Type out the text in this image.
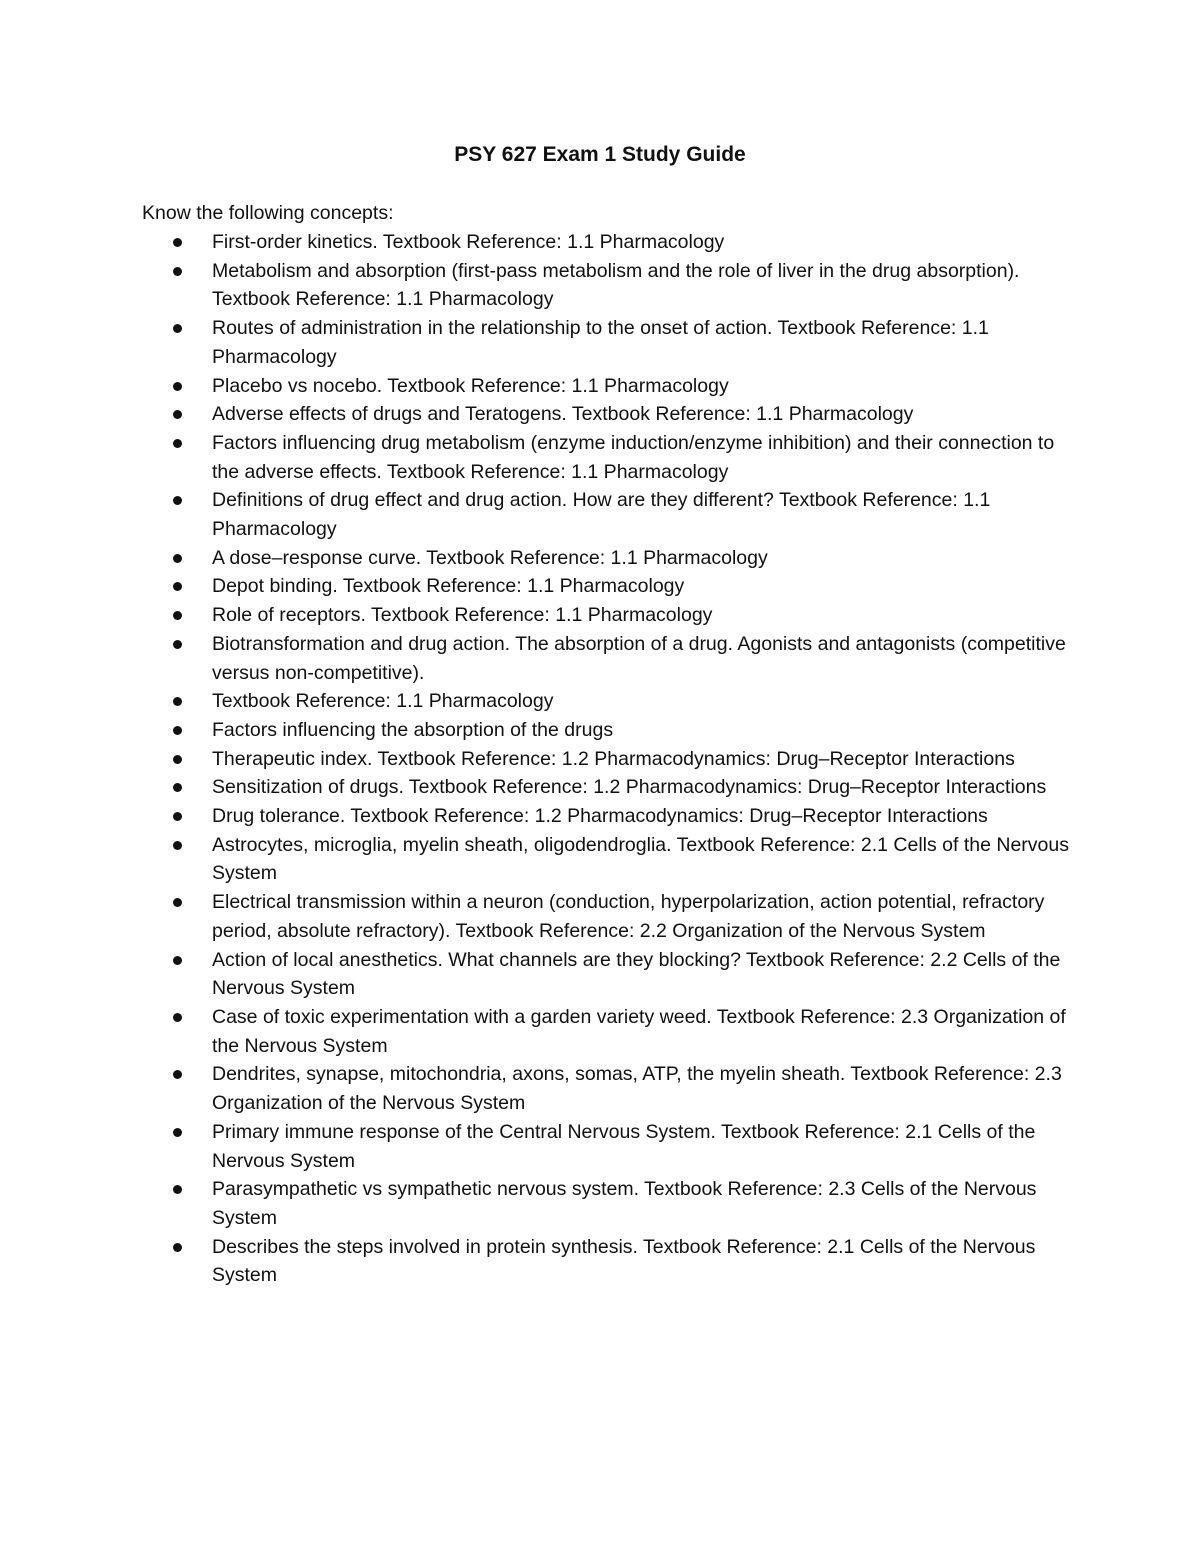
PSY 627 Exam 1 Study Guide
Know the following concepts:
First-order kinetics. Textbook Reference: 1.1 Pharmacology
Metabolism and absorption (first-pass metabolism and the role of liver in the drug absorption). Textbook Reference: 1.1 Pharmacology
Routes of administration in the relationship to the onset of action. Textbook Reference: 1.1 Pharmacology
Placebo vs nocebo. Textbook Reference: 1.1 Pharmacology
Adverse effects of drugs and Teratogens. Textbook Reference: 1.1 Pharmacology
Factors influencing drug metabolism (enzyme induction/enzyme inhibition) and their connection to the adverse effects. Textbook Reference: 1.1 Pharmacology
Definitions of drug effect and drug action. How are they different? Textbook Reference: 1.1 Pharmacology
A dose–response curve. Textbook Reference: 1.1 Pharmacology
Depot binding. Textbook Reference: 1.1 Pharmacology
Role of receptors. Textbook Reference: 1.1 Pharmacology
Biotransformation and drug action. The absorption of a drug. Agonists and antagonists (competitive versus non-competitive).
Textbook Reference: 1.1 Pharmacology
Factors influencing the absorption of the drugs
Therapeutic index. Textbook Reference: 1.2 Pharmacodynamics: Drug–Receptor Interactions
Sensitization of drugs. Textbook Reference: 1.2 Pharmacodynamics: Drug–Receptor Interactions
Drug tolerance. Textbook Reference: 1.2 Pharmacodynamics: Drug–Receptor Interactions
Astrocytes, microglia, myelin sheath, oligodendroglia. Textbook Reference: 2.1 Cells of the Nervous System
Electrical transmission within a neuron (conduction, hyperpolarization, action potential, refractory period, absolute refractory). Textbook Reference: 2.2 Organization of the Nervous System
Action of local anesthetics. What channels are they blocking? Textbook Reference: 2.2 Cells of the Nervous System
Case of toxic experimentation with a garden variety weed. Textbook Reference: 2.3 Organization of the Nervous System
Dendrites, synapse, mitochondria, axons, somas, ATP, the myelin sheath. Textbook Reference: 2.3 Organization of the Nervous System
Primary immune response of the Central Nervous System. Textbook Reference: 2.1 Cells of the Nervous System
Parasympathetic vs sympathetic nervous system. Textbook Reference: 2.3 Cells of the Nervous System
Describes the steps involved in protein synthesis. Textbook Reference: 2.1 Cells of the Nervous System
